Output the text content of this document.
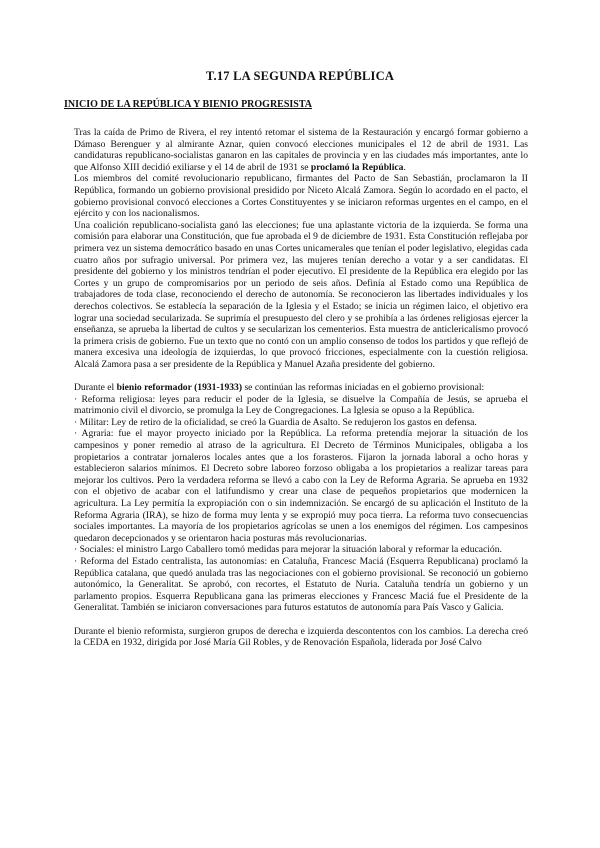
T.17 LA SEGUNDA REPÚBLICA
INICIO DE LA REPÚBLICA Y BIENIO PROGRESISTA

Tras la caída de Primo de Rivera, el rey intentó retomar el sistema de la Restauración y encargó formar gobierno a Dámaso Berenguer y al almirante Aznar, quien convocó elecciones municipales el 12 de abril de 1931. Las candidaturas republicano-socialistas ganaron en las capitales de provincia y en las ciudades más importantes, ante lo que Alfonso XIII decidió exiliarse y el 14 de abril de 1931 se proclamó la República.

Los miembros del comité revolucionario republicano, firmantes del Pacto de San Sebastián, proclamaron la II República, formando un gobierno provisional presidido por Niceto Alcalá Zamora. Según lo acordado en el pacto, el gobierno provisional convocó elecciones a Cortes Constituyentes y se iniciaron reformas urgentes en el campo, en el ejército y con los nacionalismos.

Una coalición republicano-socialista ganó las elecciones; fue una aplastante victoria de la izquierda. Se forma una comisión para elaborar una Constitución, que fue aprobada el 9 de diciembre de 1931. Esta Constitución reflejaba por primera vez un sistema democrático basado en unas Cortes unicamerales que tenían el poder legislativo, elegidas cada cuatro años por sufragio universal. Por primera vez, las mujeres tenían derecho a votar y a ser candidatas. El presidente del gobierno y los ministros tendrían el poder ejecutivo. El presidente de la República era elegido por las Cortes y un grupo de compromisarios por un periodo de seis años. Definía al Estado como una República de trabajadores de toda clase, reconociendo el derecho de autonomía. Se reconocieron las libertades individuales y los derechos colectivos. Se establecía la separación de la Iglesia y el Estado; se inicia un régimen laico, el objetivo era lograr una sociedad secularizada. Se suprimía el presupuesto del clero y se prohibía a las órdenes religiosas ejercer la enseñanza, se aprueba la libertad de cultos y se secularizan los cementerios. Esta muestra de anticlericalismo provocó la primera crisis de gobierno. Fue un texto que no contó con un amplio consenso de todos los partidos y que reflejó de manera excesiva una ideología de izquierdas, lo que provocó fricciones, especialmente con la cuestión religiosa. Alcalá Zamora pasa a ser presidente de la República y Manuel Azaña presidente del gobierno.

Durante el bienio reformador (1931-1933) se continúan las reformas iniciadas en el gobierno provisional:

· Reforma religiosa: leyes para reducir el poder de la Iglesia, se disuelve la Compañía de Jesús, se aprueba el matrimonio civil el divorcio, se promulga la Ley de Congregaciones. La Iglesia se opuso a la República.

· Militar: Ley de retiro de la oficialidad, se creó la Guardia de Asalto. Se redujeron los gastos en defensa.

· Agraria: fue el mayor proyecto iniciado por la República. La reforma pretendía mejorar la situación de los campesinos y poner remedio al atraso de la agricultura. El Decreto de Términos Municipales, obligaba a los propietarios a contratar jornaleros locales antes que a los forasteros. Fijaron la jornada laboral a ocho horas y establecieron salarios mínimos. El Decreto sobre laboreo forzoso obligaba a los propietarios a realizar tareas para mejorar los cultivos. Pero la verdadera reforma se llevó a cabo con la Ley de Reforma Agraria. Se aprueba en 1932 con el objetivo de acabar con el latifundismo y crear una clase de pequeños propietarios que modernicen la agricultura. La Ley permitía la expropiación con o sin indemnización. Se encargó de su aplicación el Instituto de la Reforma Agraria (IRA), se hizo de forma muy lenta y se expropió muy poca tierra. La reforma tuvo consecuencias sociales importantes. La mayoría de los propietarios agrícolas se unen a los enemigos del régimen. Los campesinos quedaron decepcionados y se orientaron hacia posturas más revolucionarias.

· Sociales: el ministro Largo Caballero tomó medidas para mejorar la situación laboral y reformar la educación.

· Reforma del Estado centralista, las autonomías: en Cataluña, Francesc Maciá (Esquerra Republicana) proclamó la República catalana, que quedó anulada tras las negociaciones con el gobierno provisional. Se reconoció un gobierno autonómico, la Generalitat. Se aprobó, con recortes, el Estatuto de Nuria. Cataluña tendría un gobierno y un parlamento propios. Esquerra Republicana gana las primeras elecciones y Francesc Maciá fue el Presidente de la Generalitat. También se iniciaron conversaciones para futuros estatutos de autonomía para País Vasco y Galicia.

Durante el bienio reformista, surgieron grupos de derecha e izquierda descontentos con los cambios. La derecha creó la CEDA en 1932, dirigida por José María Gil Robles, y de Renovación Española, liderada por José Calvo
